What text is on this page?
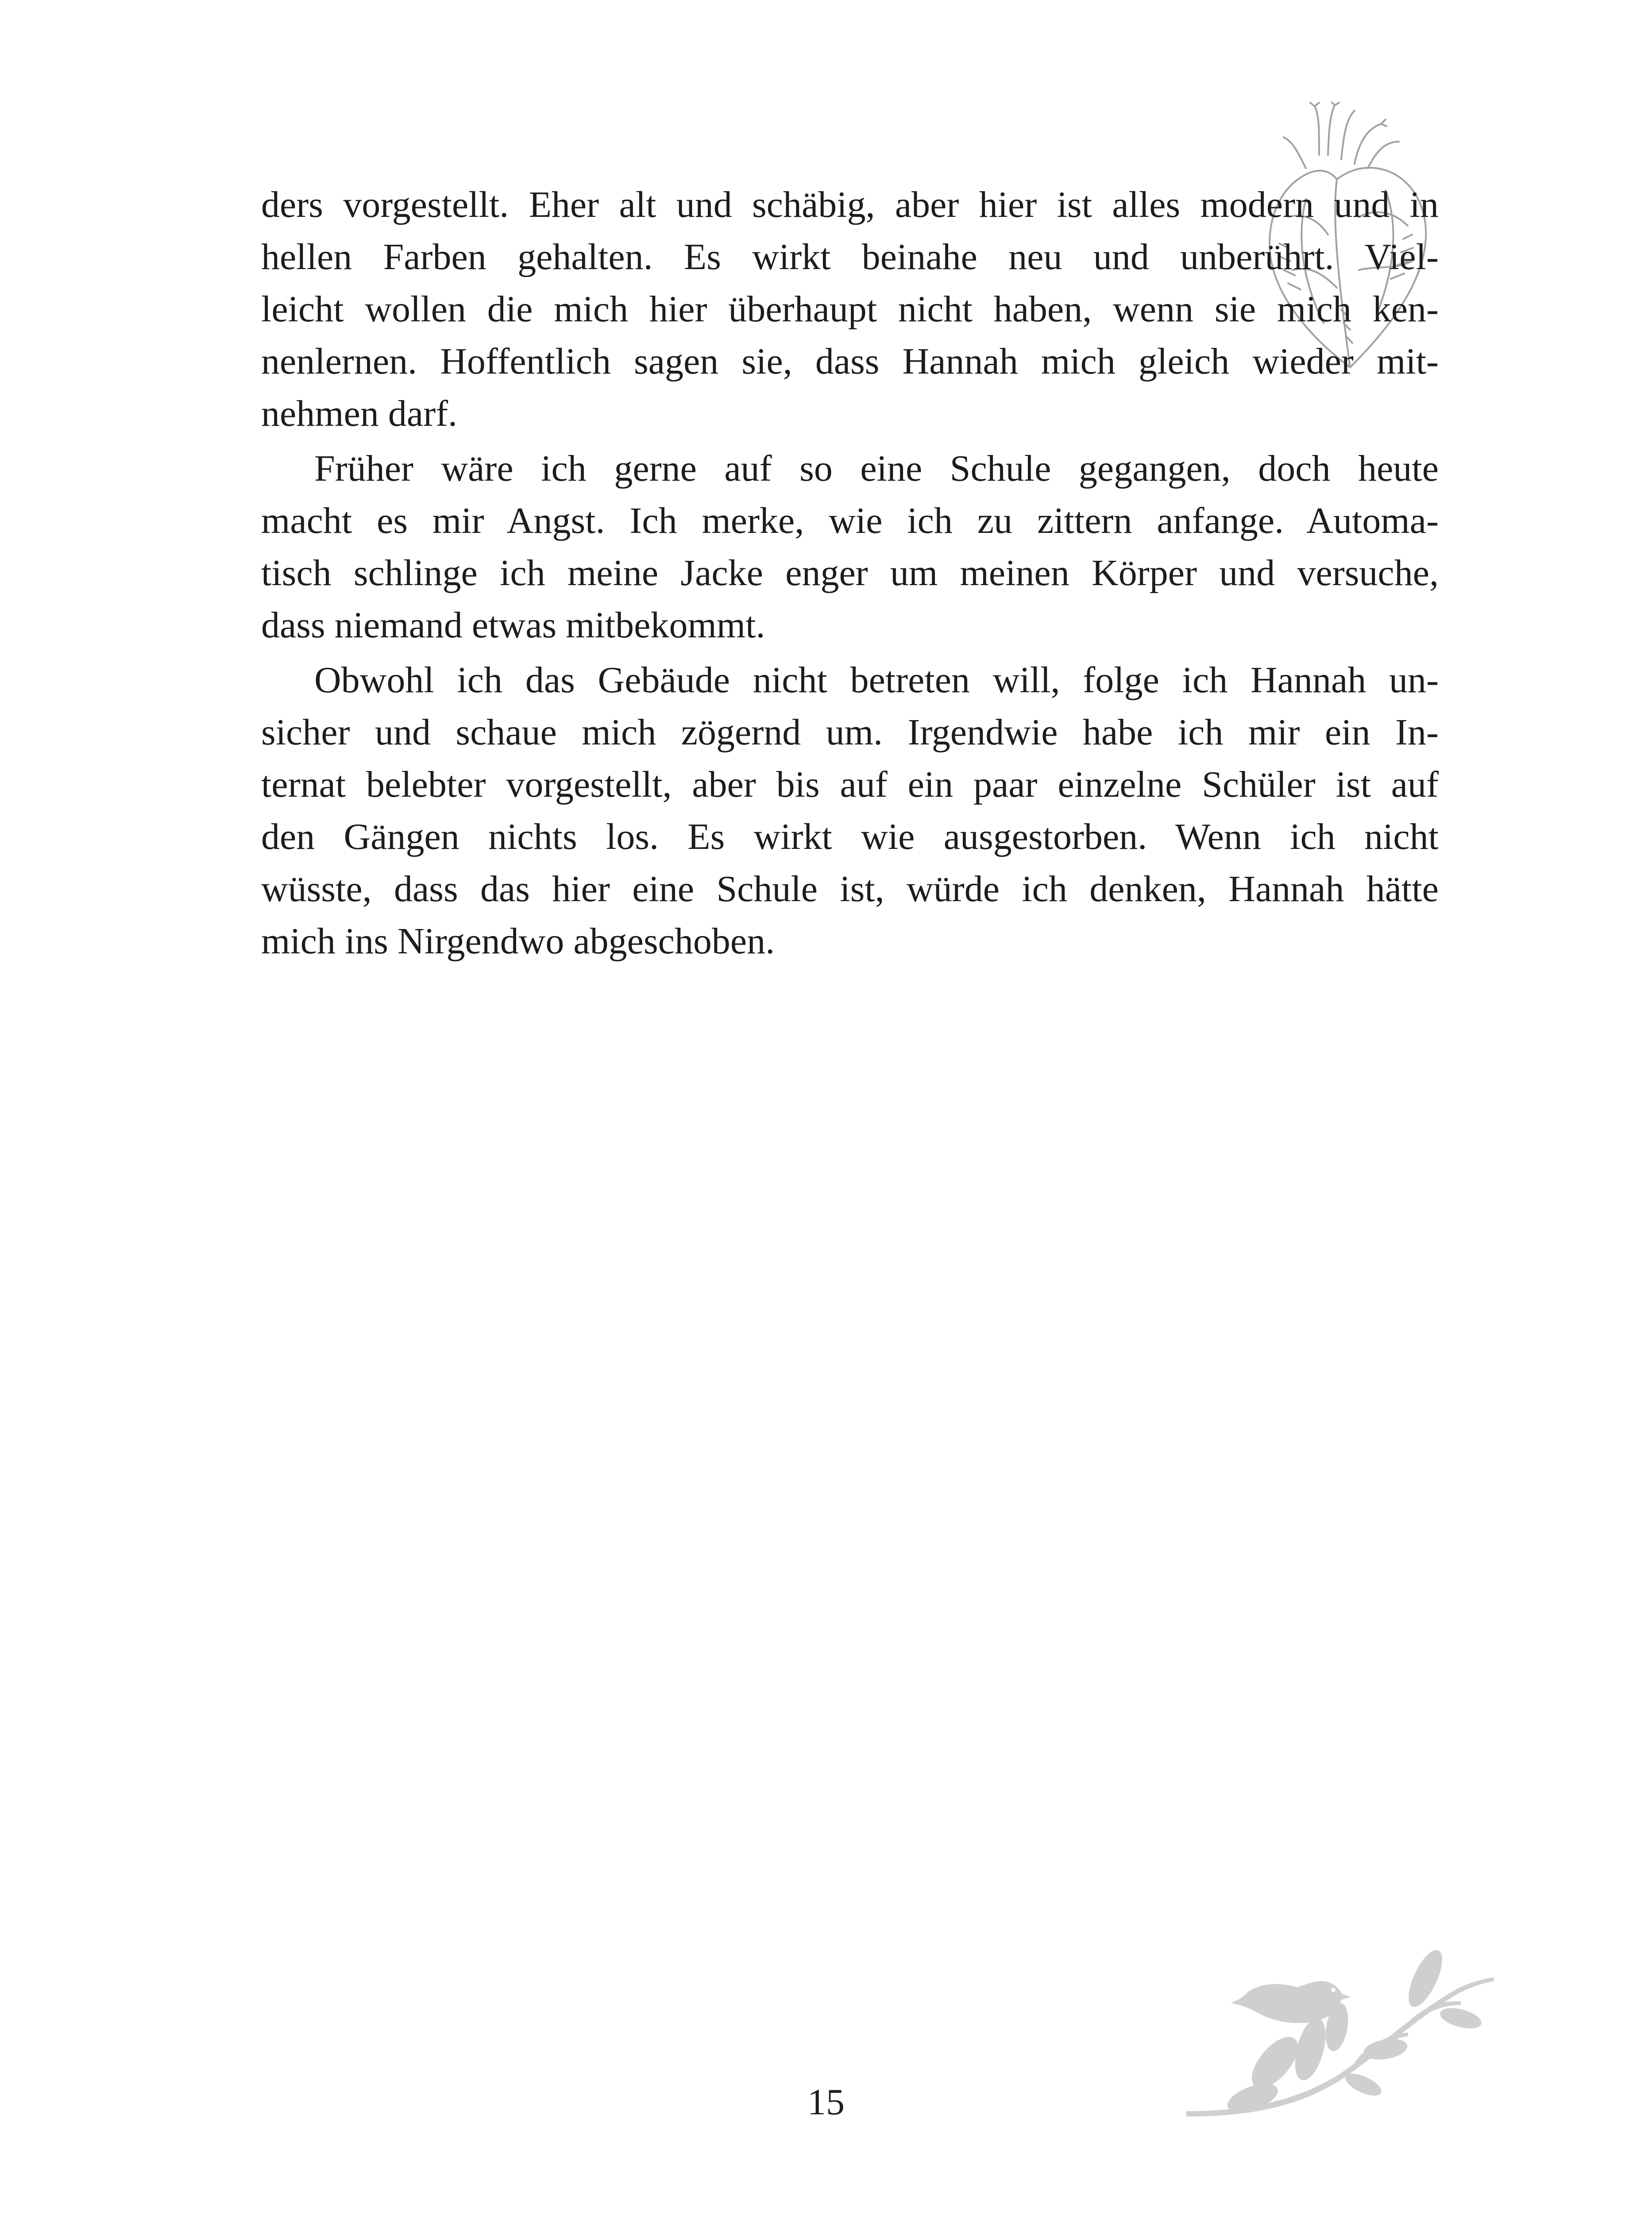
ders vorgestellt. Eher alt und schäbig, aber hier ist alles modern und in
hellen Farben gehalten. Es wirkt beinahe neu und unberührt. Viel-
leicht wollen die mich hier überhaupt nicht haben, wenn sie mich ken-
nenlernen. Hoffentlich sagen sie, dass Hannah mich gleich wieder mit-
nehmen darf.
Früher wäre ich gerne auf so eine Schule gegangen, doch heute
macht es mir Angst. Ich merke, wie ich zu zittern anfange. Automa-
tisch schlinge ich meine Jacke enger um meinen Körper und versuche,
dass niemand etwas mitbekommt.
Obwohl ich das Gebäude nicht betreten will, folge ich Hannah un-
sicher und schaue mich zögernd um. Irgendwie habe ich mir ein In-
ternat belebter vorgestellt, aber bis auf ein paar einzelne Schüler ist auf
den Gängen nichts los. Es wirkt wie ausgestorben. Wenn ich nicht
wüsste, dass das hier eine Schule ist, würde ich denken, Hannah hätte
mich ins Nirgendwo abgeschoben.
15
